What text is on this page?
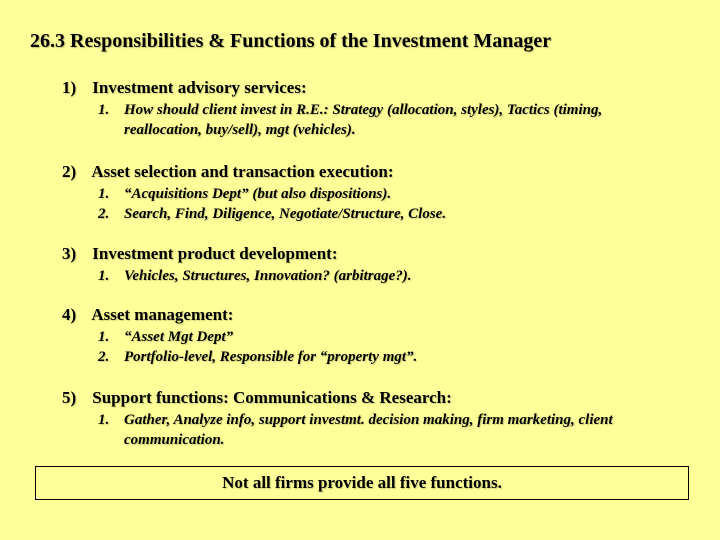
26.3 Responsibilities & Functions of the Investment Manager
1) Investment advisory services:
1. How should client invest in R.E.: Strategy (allocation, styles), Tactics (timing, reallocation, buy/sell), mgt (vehicles).
2) Asset selection and transaction execution:
1. “Acquisitions Dept” (but also dispositions).
2. Search, Find, Diligence, Negotiate/Structure, Close.
3) Investment product development:
1. Vehicles, Structures, Innovation? (arbitrage?).
4) Asset management:
1. “Asset Mgt Dept”
2. Portfolio-level, Responsible for “property mgt”.
5) Support functions: Communications & Research:
1. Gather, Analyze info, support investmt. decision making, firm marketing, client communication.
Not all firms provide all five functions.
